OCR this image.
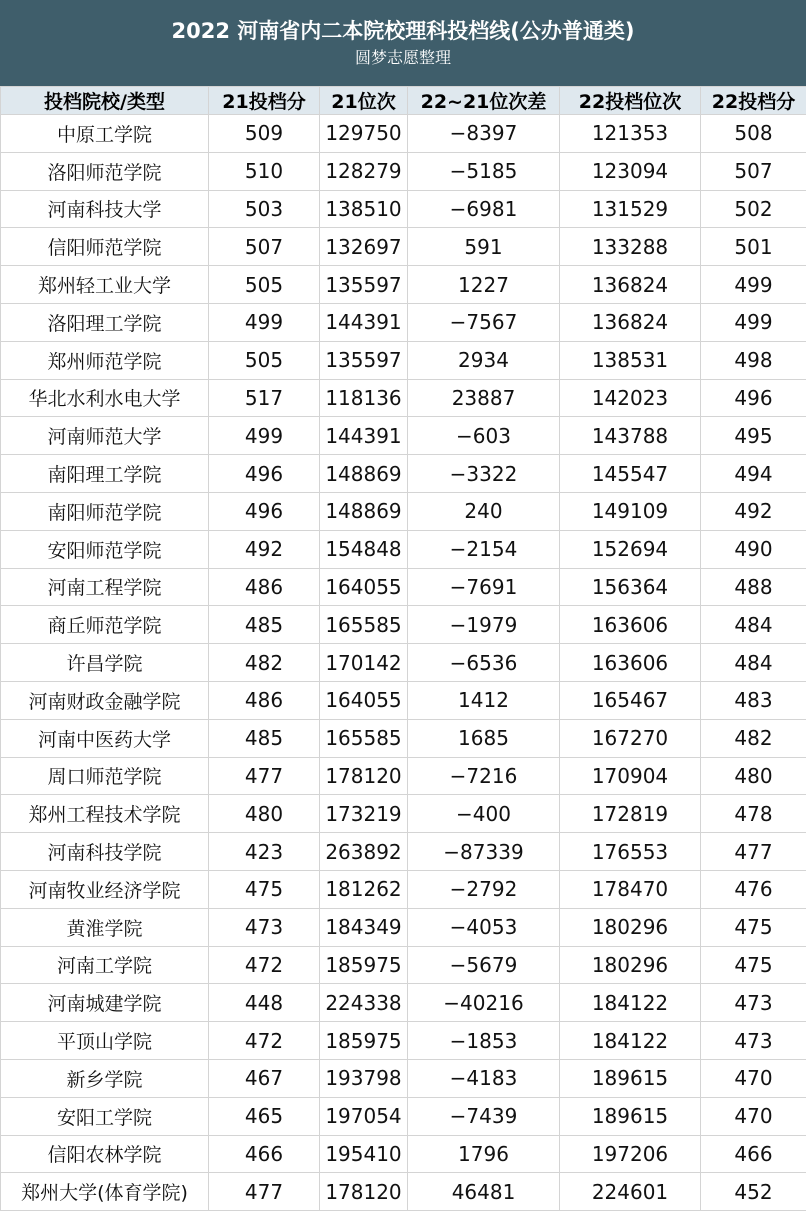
2022 河南省内二本院校理科投档线(公办普通类)
圆梦志愿整理
投档院校/类型	21投档分	21位次	22~21位次差	22投档位次	22投档分
中原工学院	509	129750	−8397	121353	508
洛阳师范学院	510	128279	−5185	123094	507
河南科技大学	503	138510	−6981	131529	502
信阳师范学院	507	132697	591	133288	501
郑州轻工业大学	505	135597	1227	136824	499
洛阳理工学院	499	144391	−7567	136824	499
郑州师范学院	505	135597	2934	138531	498
华北水利水电大学	517	118136	23887	142023	496
河南师范大学	499	144391	−603	143788	495
南阳理工学院	496	148869	−3322	145547	494
南阳师范学院	496	148869	240	149109	492
安阳师范学院	492	154848	−2154	152694	490
河南工程学院	486	164055	−7691	156364	488
商丘师范学院	485	165585	−1979	163606	484
许昌学院	482	170142	−6536	163606	484
河南财政金融学院	486	164055	1412	165467	483
河南中医药大学	485	165585	1685	167270	482
周口师范学院	477	178120	−7216	170904	480
郑州工程技术学院	480	173219	−400	172819	478
河南科技学院	423	263892	−87339	176553	477
河南牧业经济学院	475	181262	−2792	178470	476
黄淮学院	473	184349	−4053	180296	475
河南工学院	472	185975	−5679	180296	475
河南城建学院	448	224338	−40216	184122	473
平顶山学院	472	185975	−1853	184122	473
新乡学院	467	193798	−4183	189615	470
安阳工学院	465	197054	−7439	189615	470
信阳农林学院	466	195410	1796	197206	466
郑州大学(体育学院)	477	178120	46481	224601	452
